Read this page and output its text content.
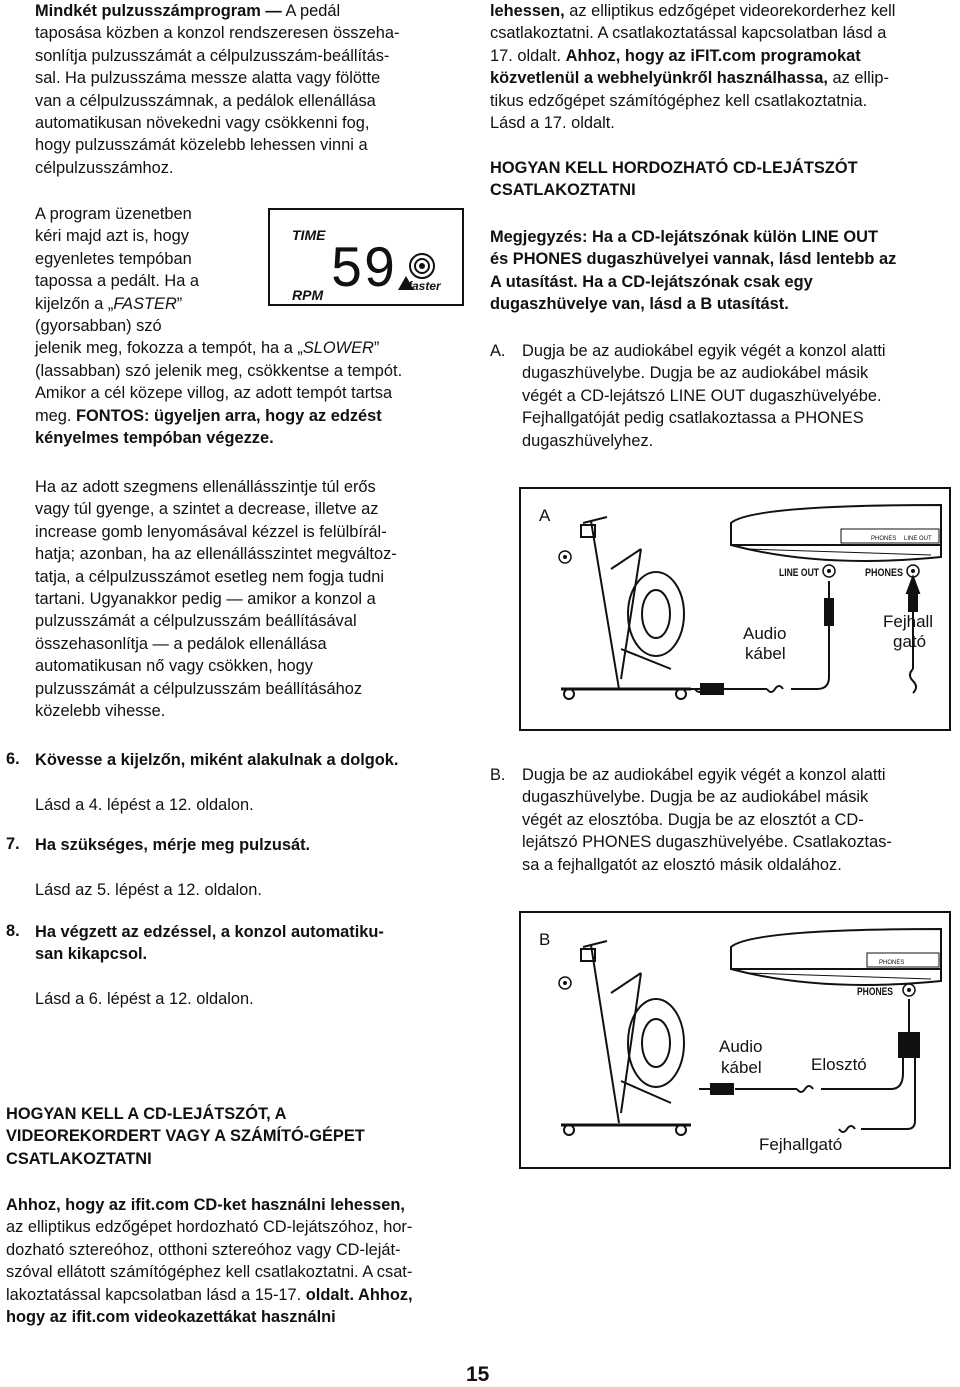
Mindkét pulzusszámprogram — A pedál

taposása közben a konzol rendszeresen összeha-

sonlítja pulzusszámát a célpulzusszám-beállítás-

sal. Ha pulzusszáma messze alatta vagy fölötte

van a célpulzusszámnak, a pedálok ellenállása

automatikusan növekedni vagy csökkenni fog,

hogy pulzusszámát közelebb lehessen vinni a

célpulzusszámhoz.

A program üzenetben

kéri majd azt is, hogy

egyenletes tempóban

tapossa a pedált. Ha a

kijelzőn a „FASTER”

(gyorsabban) szó

jelenik meg, fokozza a tempót, ha a „SLOWER”

(lassabban) szó jelenik meg, csökkentse a tempót.

Amikor a cél közepe villog, az adott tempót tartsa

meg. FONTOS: ügyeljen arra, hogy az edzést

kényelmes tempóban végezze.

TIME
59 faster
RPM

Ha az adott szegmens ellenállásszintje túl erős

vagy túl gyenge, a szintet a decrease, illetve az

increase gomb lenyomásával kézzel is felülbírál-

hatja; azonban, ha az ellenállásszintet megváltoz-

tatja, a célpulzusszámot esetleg nem fogja tudni

tartani. Ugyanakkor pedig — amikor a konzol a

pulzusszámát a célpulzusszám beállításával

összehasonlítja — a pedálok ellenállása

automatikusan nő vagy csökken, hogy

pulzusszámát a célpulzusszám beállításához

közelebb vihesse.

6. Kövesse a kijelzőn, miként alakulnak a dolgok.
Lásd a 4. lépést a 12. oldalon.
7. Ha szükséges, mérje meg pulzusát.
Lásd az 5. lépést a 12. oldalon.
8. Ha végzett az edzéssel, a konzol automatiku-
san kikapcsol.
Lásd a 6. lépést a 12. oldalon.

HOGYAN KELL A CD-LEJÁTSZÓT, A

VIDEOREKORDERT VAGY A SZÁMÍTÓ-GÉPET

CSATLAKOZTATNI

Ahhoz, hogy az ifit.com CD-ket használni lehessen,

az elliptikus edzőgépet hordozható CD-lejátszóhoz, hor-

dozható sztereóhoz, otthoni sztereóhoz vagy CD-leját-

szóval ellátott számítógéphez kell csatlakoztatni. A csat-

lakoztatással kapcsolatban lásd a 15-17. oldalt. Ahhoz,

hogy az ifit.com videokazettákat használni

lehessen, az elliptikus edzőgépet videorekorderhez kell

csatlakoztatni. A csatlakoztatással kapcsolatban lásd a

17. oldalt. Ahhoz, hogy az iFIT.com programokat

közvetlenül a webhelyünkről használhassa, az ellip-

tikus edzőgépet számítógéphez kell csatlakoztatnia.

Lásd a 17. oldalt.

HOGYAN KELL HORDOZHATÓ CD-LEJÁTSZÓT

CSATLAKOZTATNI

Megjegyzés: Ha a CD-lejátszónak külön LINE OUT

és PHONES dugaszhüvelyei vannak, lásd lentebb az

A utasítást. Ha a CD-lejátszónak csak egy

dugaszhüvelye van, lásd a B utasítást.

A. Dugja be az audiokábel egyik végét a konzol alatti

dugaszhüvelybe. Dugja be az audiokábel másik

végét a CD-lejátszó LINE OUT dugaszhüvelyébe.

Fejhallgatóját pedig csatlakoztassa a PHONES

dugaszhüvelyhez.

A
PHONES LINE OUT
LINE OUT	PHONES
Audio
kábel
Fejhall
gató
B. Dugja be az audiokábel egyik végét a konzol alatti

dugaszhüvelybe. Dugja be az audiokábel másik

végét az elosztóba. Dugja be az elosztót a CD-

lejátszó PHONES dugaszhüvelyébe. Csatlakoztas-

sa a fejhallgatót az elosztó másik oldalához.

B
PHONES
PHONES
Audio
kábel	Elosztó
Fejhallgató
15
